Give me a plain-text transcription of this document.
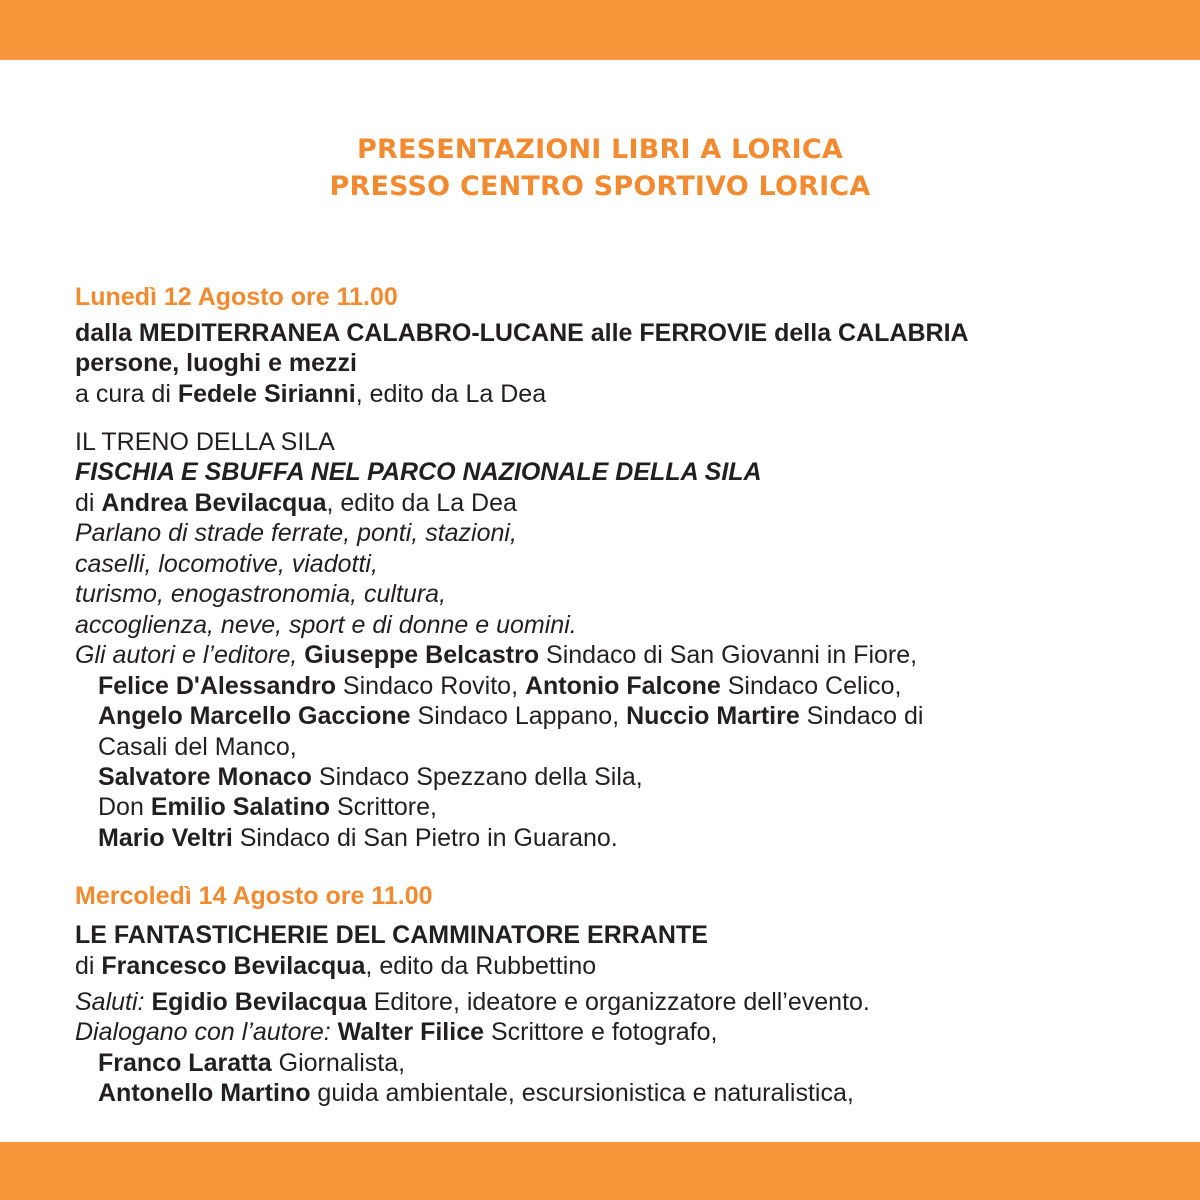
PRESENTAZIONI LIBRI A LORICA
PRESSO CENTRO SPORTIVO LORICA
Lunedì 12 Agosto ore 11.00
dalla MEDITERRANEA CALABRO-LUCANE alle FERROVIE della CALABRIA
persone, luoghi e mezzi
a cura di Fedele Sirianni, edito da La Dea
IL TRENO DELLA SILA
FISCHIA E SBUFFA NEL PARCO NAZIONALE DELLA SILA
di Andrea Bevilacqua, edito da La Dea
Parlano di strade ferrate, ponti, stazioni,
caselli, locomotive, viadotti,
turismo, enogastronomia, cultura,
accoglienza, neve, sport e di donne e uomini.
Gli autori e l’editore, Giuseppe Belcastro Sindaco di San Giovanni in Fiore,
Felice D'Alessandro Sindaco Rovito, Antonio Falcone Sindaco Celico,
Angelo Marcello Gaccione Sindaco Lappano, Nuccio Martire Sindaco di
Casali del Manco,
Salvatore Monaco Sindaco Spezzano della Sila,
Don Emilio Salatino Scrittore,
Mario Veltri Sindaco di San Pietro in Guarano.
Mercoledì 14 Agosto ore 11.00
LE FANTASTICHERIE DEL CAMMINATORE ERRANTE
di Francesco Bevilacqua, edito da Rubbettino
Saluti: Egidio Bevilacqua Editore, ideatore e organizzatore dell’evento.
Dialogano con l’autore: Walter Filice Scrittore e fotografo,
Franco Laratta Giornalista,
Antonello Martino guida ambientale, escursionistica e naturalistica,
